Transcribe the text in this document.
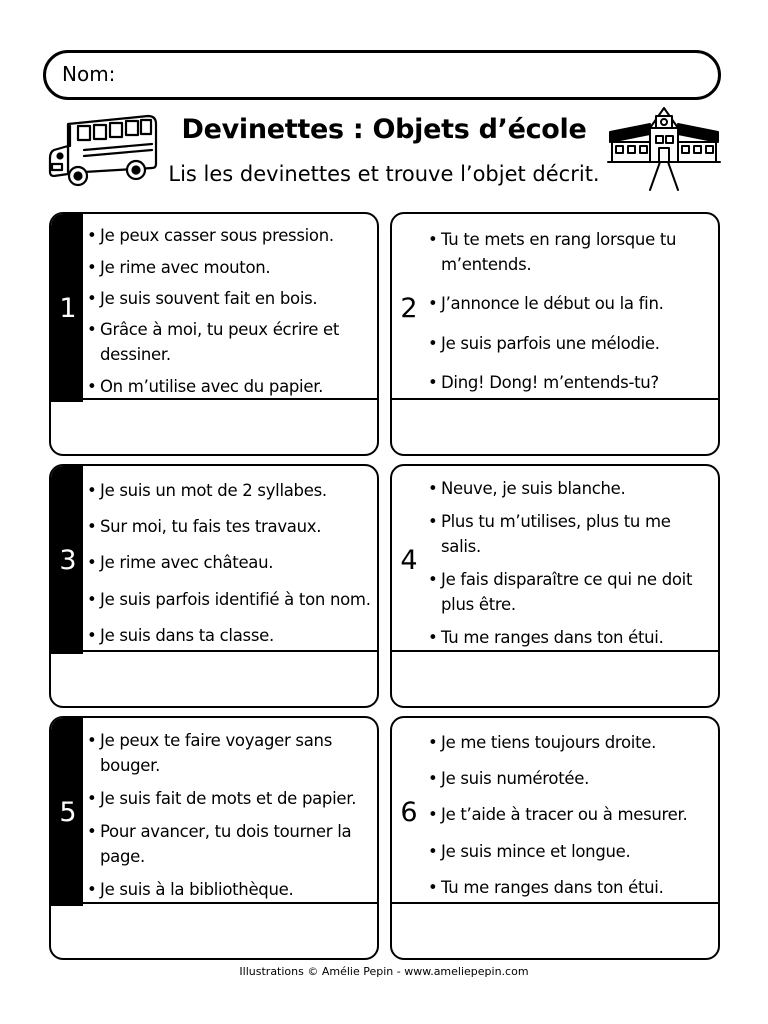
Nom:
Devinettes : Objets d’école
Lis les devinettes et trouve l’objet décrit.
1
• Je peux casser sous pression.
• Je rime avec mouton.
• Je suis souvent fait en bois.
• Grâce à moi, tu peux écrire et dessiner.
• On m’utilise avec du papier.
2
• Tu te mets en rang lorsque tu m’entends.
• J’annonce le début ou la fin.
• Je suis parfois une mélodie.
• Ding! Dong! m’entends-tu?
3
• Je suis un mot de 2 syllabes.
• Sur moi, tu fais tes travaux.
• Je rime avec château.
• Je suis parfois identifié à ton nom.
• Je suis dans ta classe.
4
• Neuve, je suis blanche.
• Plus tu m’utilises, plus tu me salis.
• Je fais disparaître ce qui ne doit plus être.
• Tu me ranges dans ton étui.
5
• Je peux te faire voyager sans bouger.
• Je suis fait de mots et de papier.
• Pour avancer, tu dois tourner la page.
• Je suis à la bibliothèque.
6
• Je me tiens toujours droite.
• Je suis numérotée.
• Je t’aide à tracer ou à mesurer.
• Je suis mince et longue.
• Tu me ranges dans ton étui.
Illustrations © Amélie Pepin - www.ameliepepin.com
